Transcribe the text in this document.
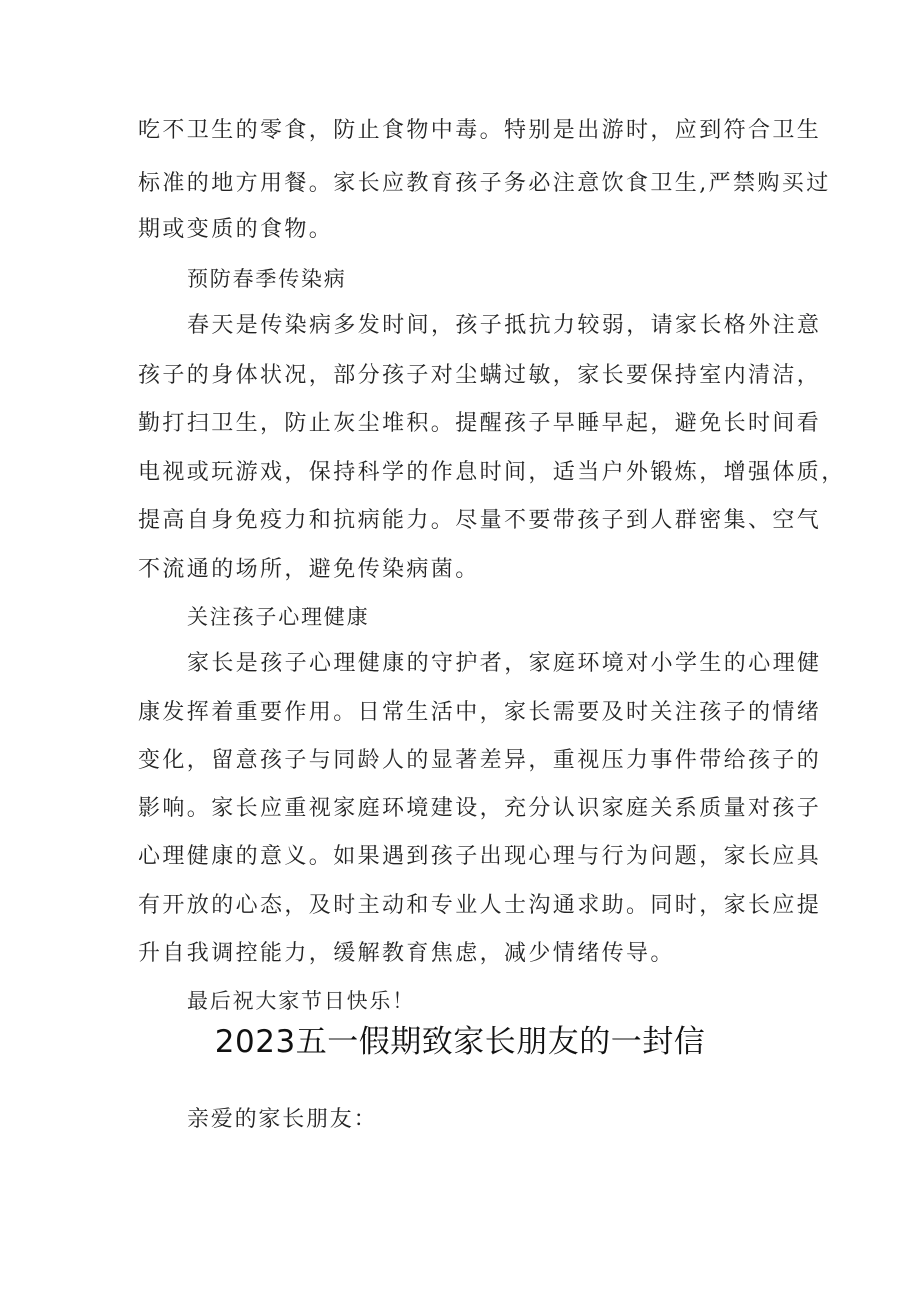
吃不卫生的零食，防止食物中毒。特别是出游时，应到符合卫生
标准的地方用餐。家长应教育孩子务必注意饮食卫生,严禁购买过
期或变质的食物。
预防春季传染病
春天是传染病多发时间，孩子抵抗力较弱，请家长格外注意
孩子的身体状况，部分孩子对尘螨过敏，家长要保持室内清洁，
勤打扫卫生，防止灰尘堆积。提醒孩子早睡早起，避免长时间看
电视或玩游戏，保持科学的作息时间，适当户外锻炼，增强体质，
提高自身免疫力和抗病能力。尽量不要带孩子到人群密集、空气
不流通的场所，避免传染病菌。
关注孩子心理健康
家长是孩子心理健康的守护者，家庭环境对小学生的心理健
康发挥着重要作用。日常生活中，家长需要及时关注孩子的情绪
变化，留意孩子与同龄人的显著差异，重视压力事件带给孩子的
影响。家长应重视家庭环境建设，充分认识家庭关系质量对孩子
心理健康的意义。如果遇到孩子出现心理与行为问题，家长应具
有开放的心态，及时主动和专业人士沟通求助。同时，家长应提
升自我调控能力，缓解教育焦虑，减少情绪传导。
最后祝大家节日快乐！
2023五一假期致家长朋友的一封信
亲爱的家长朋友：
